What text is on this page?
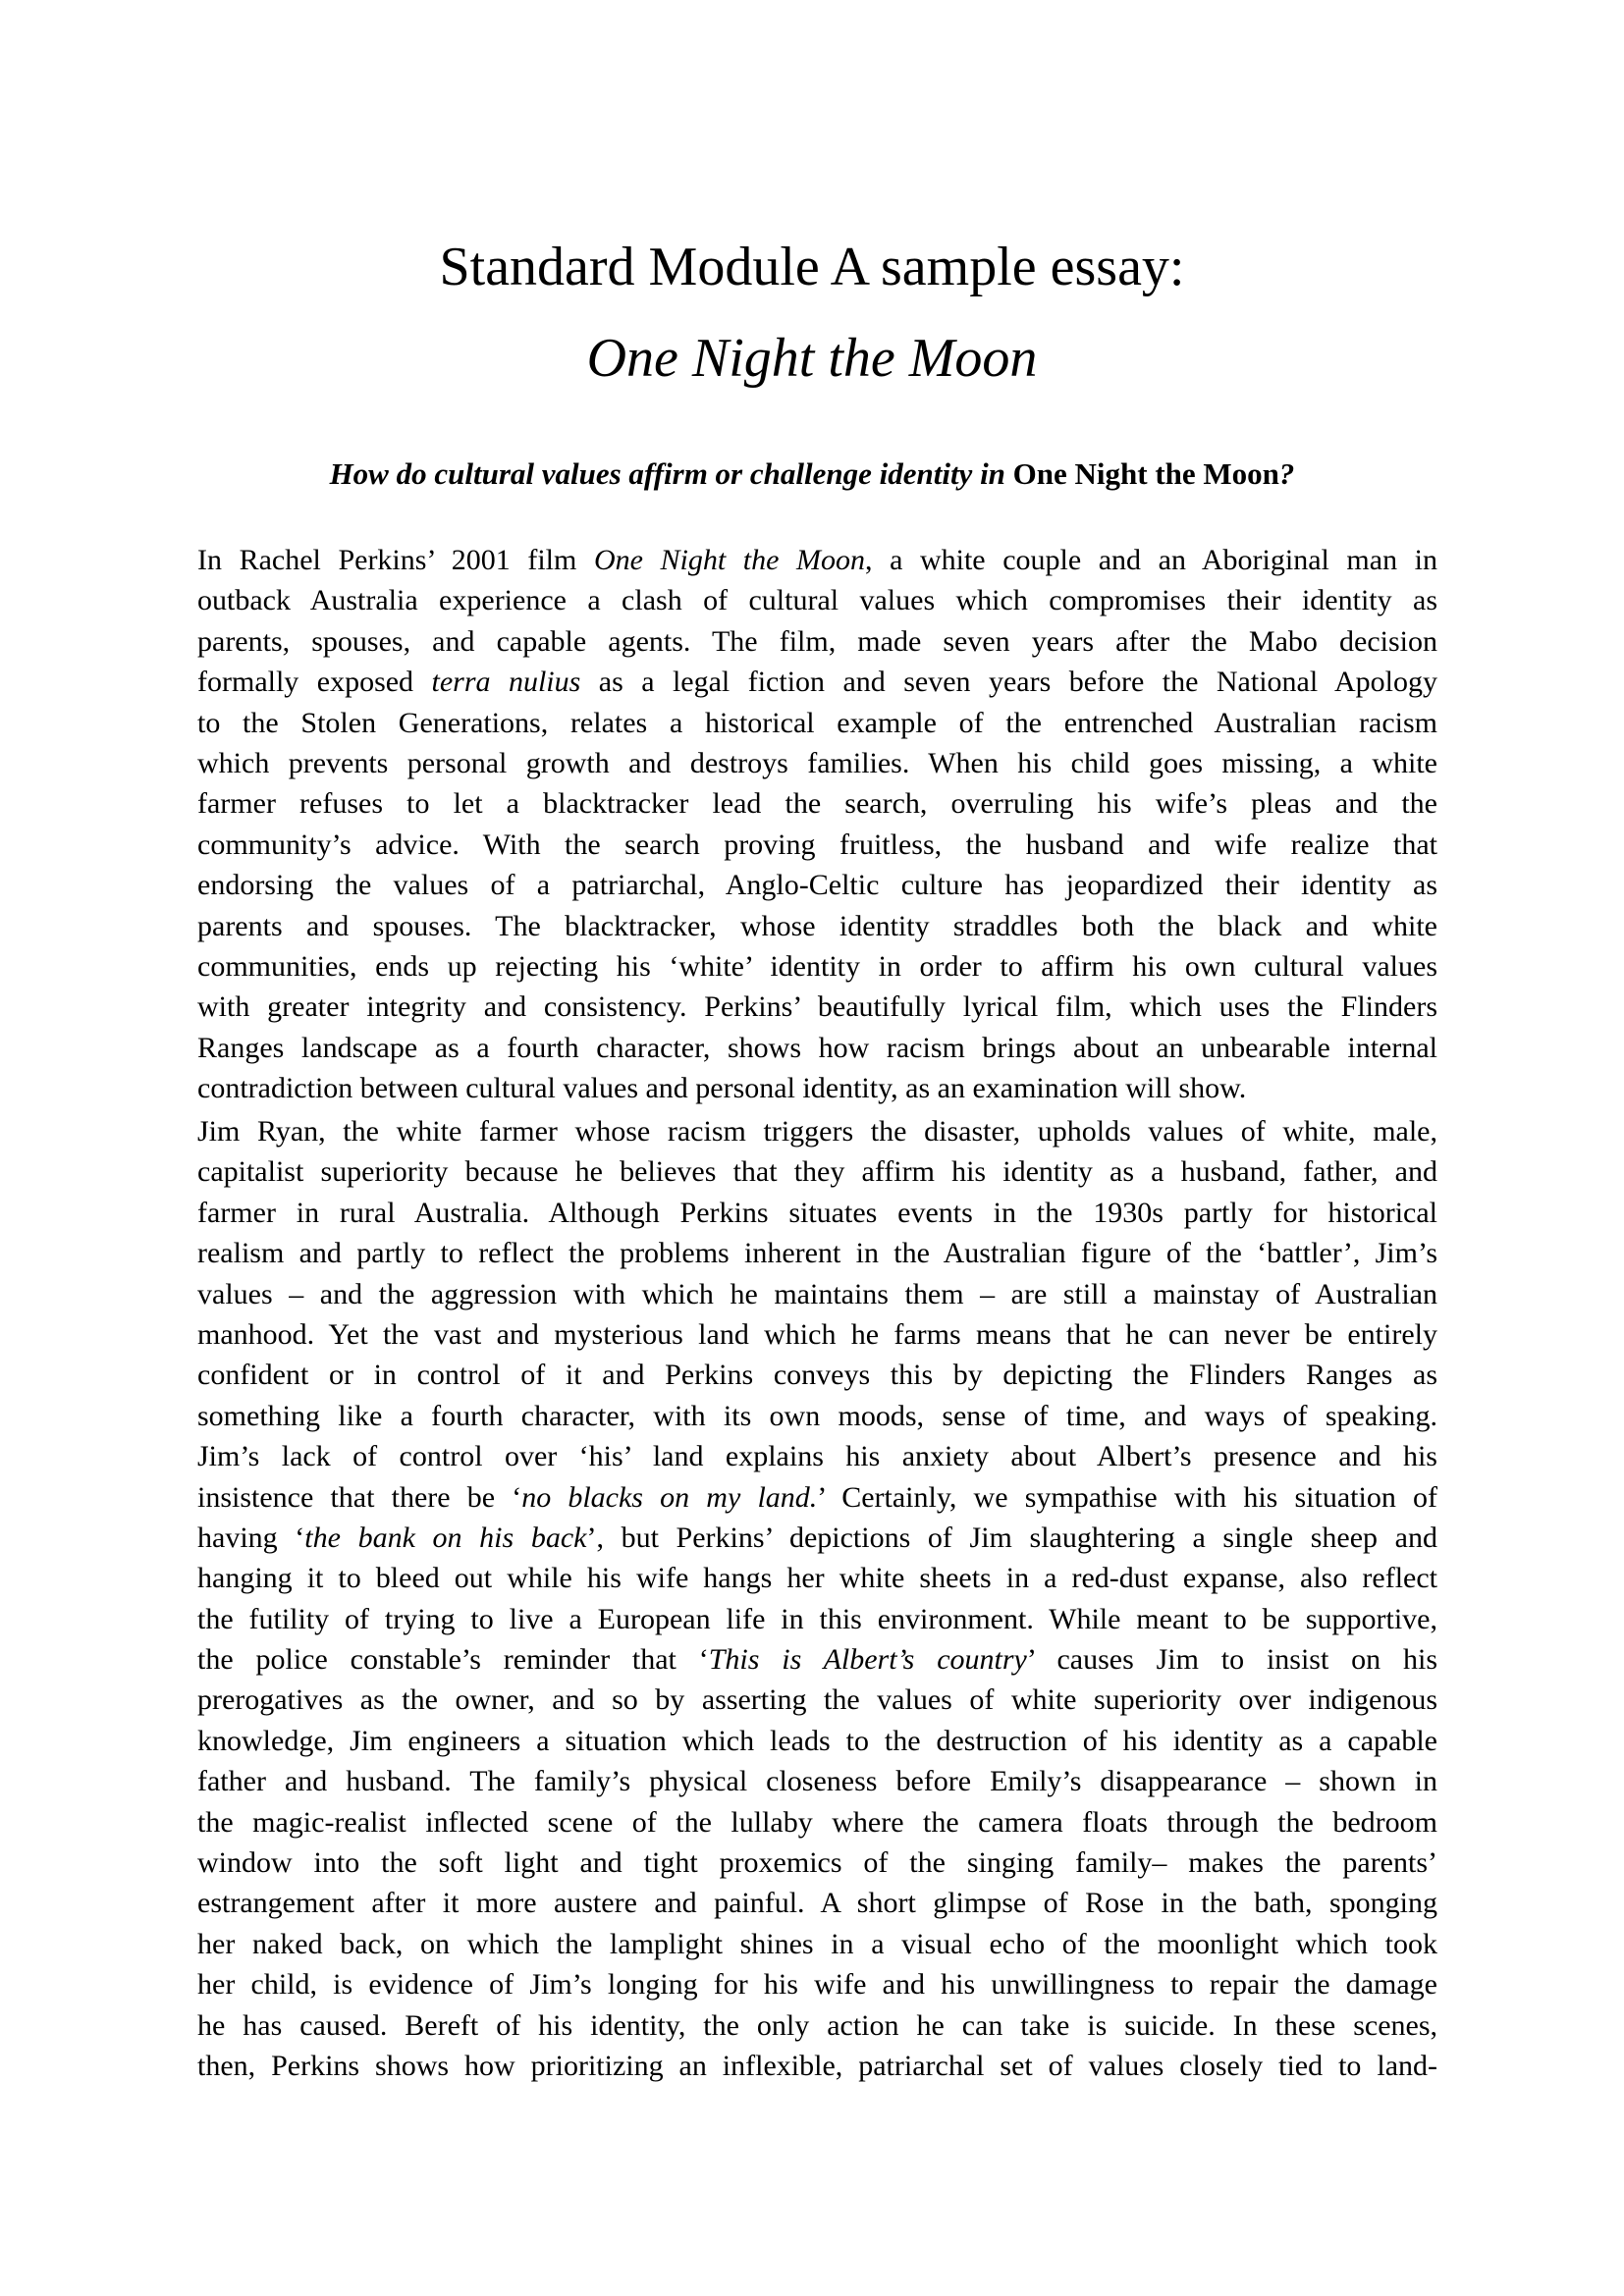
Standard Module A sample essay:
One Night the Moon
How do cultural values affirm or challenge identity in One Night the Moon?
In Rachel Perkins’ 2001 film One Night the Moon, a white couple and an Aboriginal man in
outback Australia experience a clash of cultural values which compromises their identity as
parents, spouses, and capable agents. The film, made seven years after the Mabo decision
formally exposed terra nulius as a legal fiction and seven years before the National Apology
to the Stolen Generations, relates a historical example of the entrenched Australian racism
which prevents personal growth and destroys families. When his child goes missing, a white
farmer refuses to let a blacktracker lead the search, overruling his wife’s pleas and the
community’s advice. With the search proving fruitless, the husband and wife realize that
endorsing the values of a patriarchal, Anglo-Celtic culture has jeopardized their identity as
parents and spouses. The blacktracker, whose identity straddles both the black and white
communities, ends up rejecting his ‘white’ identity in order to affirm his own cultural values
with greater integrity and consistency. Perkins’ beautifully lyrical film, which uses the Flinders
Ranges landscape as a fourth character, shows how racism brings about an unbearable internal
contradiction between cultural values and personal identity, as an examination will show.
Jim Ryan, the white farmer whose racism triggers the disaster, upholds values of white, male,
capitalist superiority because he believes that they affirm his identity as a husband, father, and
farmer in rural Australia. Although Perkins situates events in the 1930s partly for historical
realism and partly to reflect the problems inherent in the Australian figure of the ‘battler’, Jim’s
values – and the aggression with which he maintains them – are still a mainstay of Australian
manhood. Yet the vast and mysterious land which he farms means that he can never be entirely
confident or in control of it and Perkins conveys this by depicting the Flinders Ranges as
something like a fourth character, with its own moods, sense of time, and ways of speaking.
Jim’s lack of control over ‘his’ land explains his anxiety about Albert’s presence and his
insistence that there be ‘no blacks on my land.’ Certainly, we sympathise with his situation of
having ‘the bank on his back’, but Perkins’ depictions of Jim slaughtering a single sheep and
hanging it to bleed out while his wife hangs her white sheets in a red-dust expanse, also reflect
the futility of trying to live a European life in this environment. While meant to be supportive,
the police constable’s reminder that ‘This is Albert’s country’ causes Jim to insist on his
prerogatives as the owner, and so by asserting the values of white superiority over indigenous
knowledge, Jim engineers a situation which leads to the destruction of his identity as a capable
father and husband. The family’s physical closeness before Emily’s disappearance – shown in
the magic-realist inflected scene of the lullaby where the camera floats through the bedroom
window into the soft light and tight proxemics of the singing family– makes the parents’
estrangement after it more austere and painful. A short glimpse of Rose in the bath, sponging
her naked back, on which the lamplight shines in a visual echo of the moonlight which took
her child, is evidence of Jim’s longing for his wife and his unwillingness to repair the damage
he has caused. Bereft of his identity, the only action he can take is suicide. In these scenes,
then, Perkins shows how prioritizing an inflexible, patriarchal set of values closely tied to land-
